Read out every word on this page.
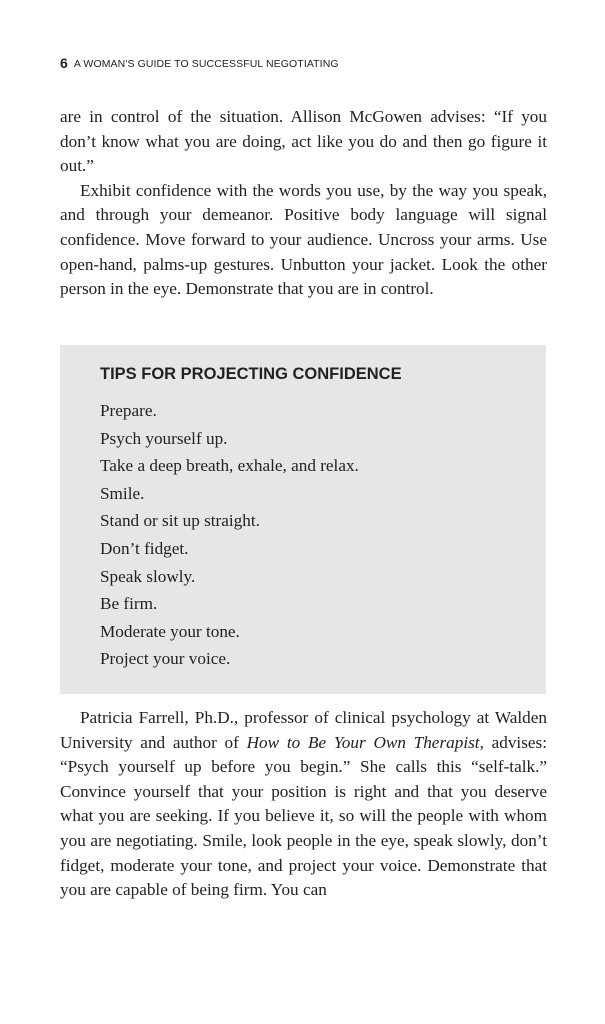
6 A WOMAN'S GUIDE TO SUCCESSFUL NEGOTIATING

are in control of the situation. Allison McGowen advises: “If you don’t know what you are doing, act like you do and then go figure it out.”

Exhibit confidence with the words you use, by the way you speak, and through your demeanor. Positive body language will signal confidence. Move forward to your audience. Uncross your arms. Use open-hand, palms-up gestures. Unbutton your jacket. Look the other person in the eye. Demonstrate that you are in control.

TIPS FOR PROJECTING CONFIDENCE
Prepare.
Psych yourself up.
Take a deep breath, exhale, and relax.
Smile.
Stand or sit up straight.
Don’t fidget.
Speak slowly.
Be firm.
Moderate your tone.
Project your voice.

Patricia Farrell, Ph.D., professor of clinical psychology at Walden University and author of How to Be Your Own Therapist, advises: “Psych yourself up before you begin.” She calls this “self-talk.” Convince yourself that your position is right and that you deserve what you are seeking. If you believe it, so will the people with whom you are negotiating. Smile, look people in the eye, speak slowly, don’t fidget, moderate your tone, and project your voice. Demonstrate that you are capable of being firm. You can
